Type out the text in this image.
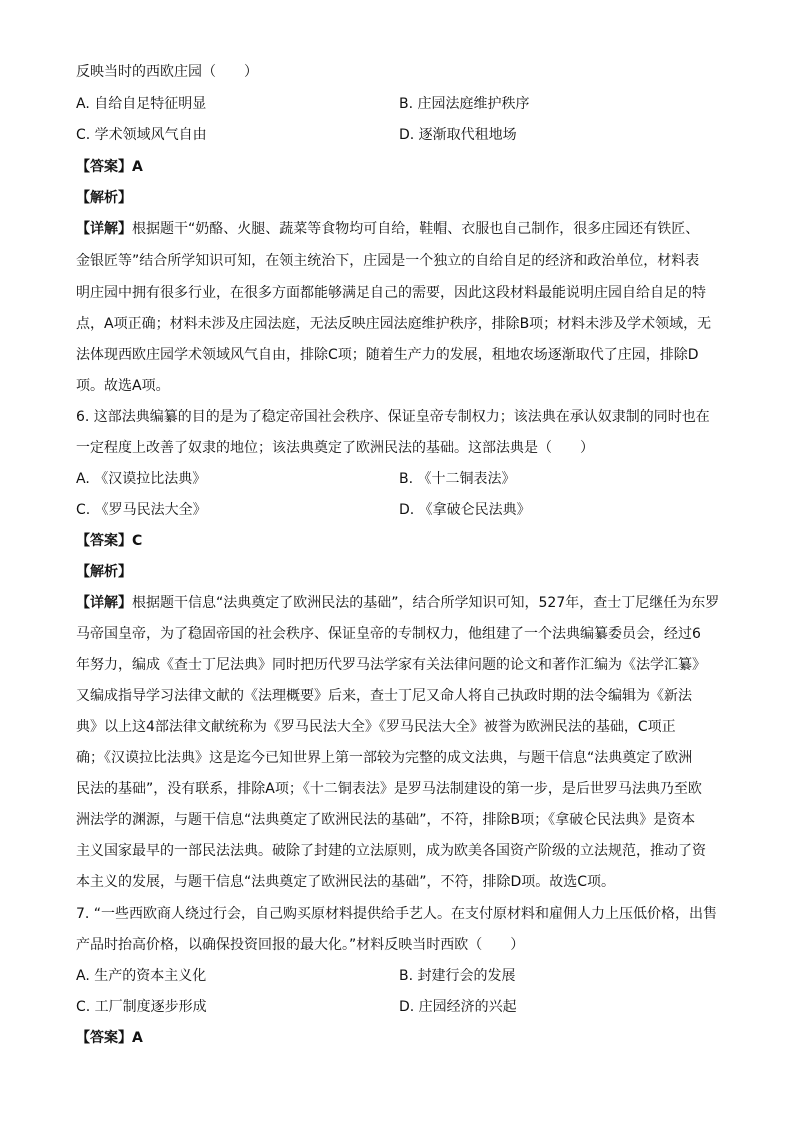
反映当时的西欧庄园（　　）
A. 自给自足特征明显	B. 庄园法庭维护秩序
C. 学术领域风气自由	D. 逐渐取代租地场
【答案】A
【解析】
【详解】根据题干“奶酪、火腿、蔬菜等食物均可自给，鞋帽、衣服也自己制作，很多庄园还有铁匠、
金银匠等”结合所学知识可知，在领主统治下，庄园是一个独立的自给自足的经济和政治单位，材料表
明庄园中拥有很多行业，在很多方面都能够满足自己的需要，因此这段材料最能说明庄园自给自足的特
点，A项正确；材料未涉及庄园法庭，无法反映庄园法庭维护秩序，排除B项；材料未涉及学术领域，无
法体现西欧庄园学术领域风气自由，排除C项；随着生产力的发展，租地农场逐渐取代了庄园，排除D
项。故选A项。
6. 这部法典编纂的目的是为了稳定帝国社会秩序、保证皇帝专制权力；该法典在承认奴隶制的同时也在
一定程度上改善了奴隶的地位；该法典奠定了欧洲民法的基础。这部法典是（　　）
A. 《汉谟拉比法典》	B. 《十二铜表法》
C. 《罗马民法大全》	D. 《拿破仑民法典》
【答案】C
【解析】
【详解】根据题干信息“法典奠定了欧洲民法的基础”，结合所学知识可知，527年，查士丁尼继任为东罗
马帝国皇帝，为了稳固帝国的社会秩序、保证皇帝的专制权力，他组建了一个法典编纂委员会，经过6
年努力，编成《查士丁尼法典》同时把历代罗马法学家有关法律问题的论文和著作汇编为《法学汇纂》
又编成指导学习法律文献的《法理概要》后来，查士丁尼又命人将自己执政时期的法令编辑为《新法
典》以上这4部法律文献统称为《罗马民法大全》《罗马民法大全》被誉为欧洲民法的基础，C项正
确；《汉谟拉比法典》这是迄今已知世界上第一部较为完整的成文法典，与题干信息“法典奠定了欧洲
民法的基础”，没有联系，排除A项；《十二铜表法》是罗马法制建设的第一步，是后世罗马法典乃至欧
洲法学的渊源，与题干信息“法典奠定了欧洲民法的基础”，不符，排除B项；《拿破仑民法典》是资本
主义国家最早的一部民法法典。破除了封建的立法原则，成为欧美各国资产阶级的立法规范，推动了资
本主义的发展，与题干信息“法典奠定了欧洲民法的基础”，不符，排除D项。故选C项。
7. “一些西欧商人绕过行会，自己购买原材料提供给手艺人。在支付原材料和雇佣人力上压低价格，出售
产品时抬高价格，以确保投资回报的最大化。”材料反映当时西欧（　　）
A. 生产的资本主义化	B. 封建行会的发展
C. 工厂制度逐步形成	D. 庄园经济的兴起
【答案】A
